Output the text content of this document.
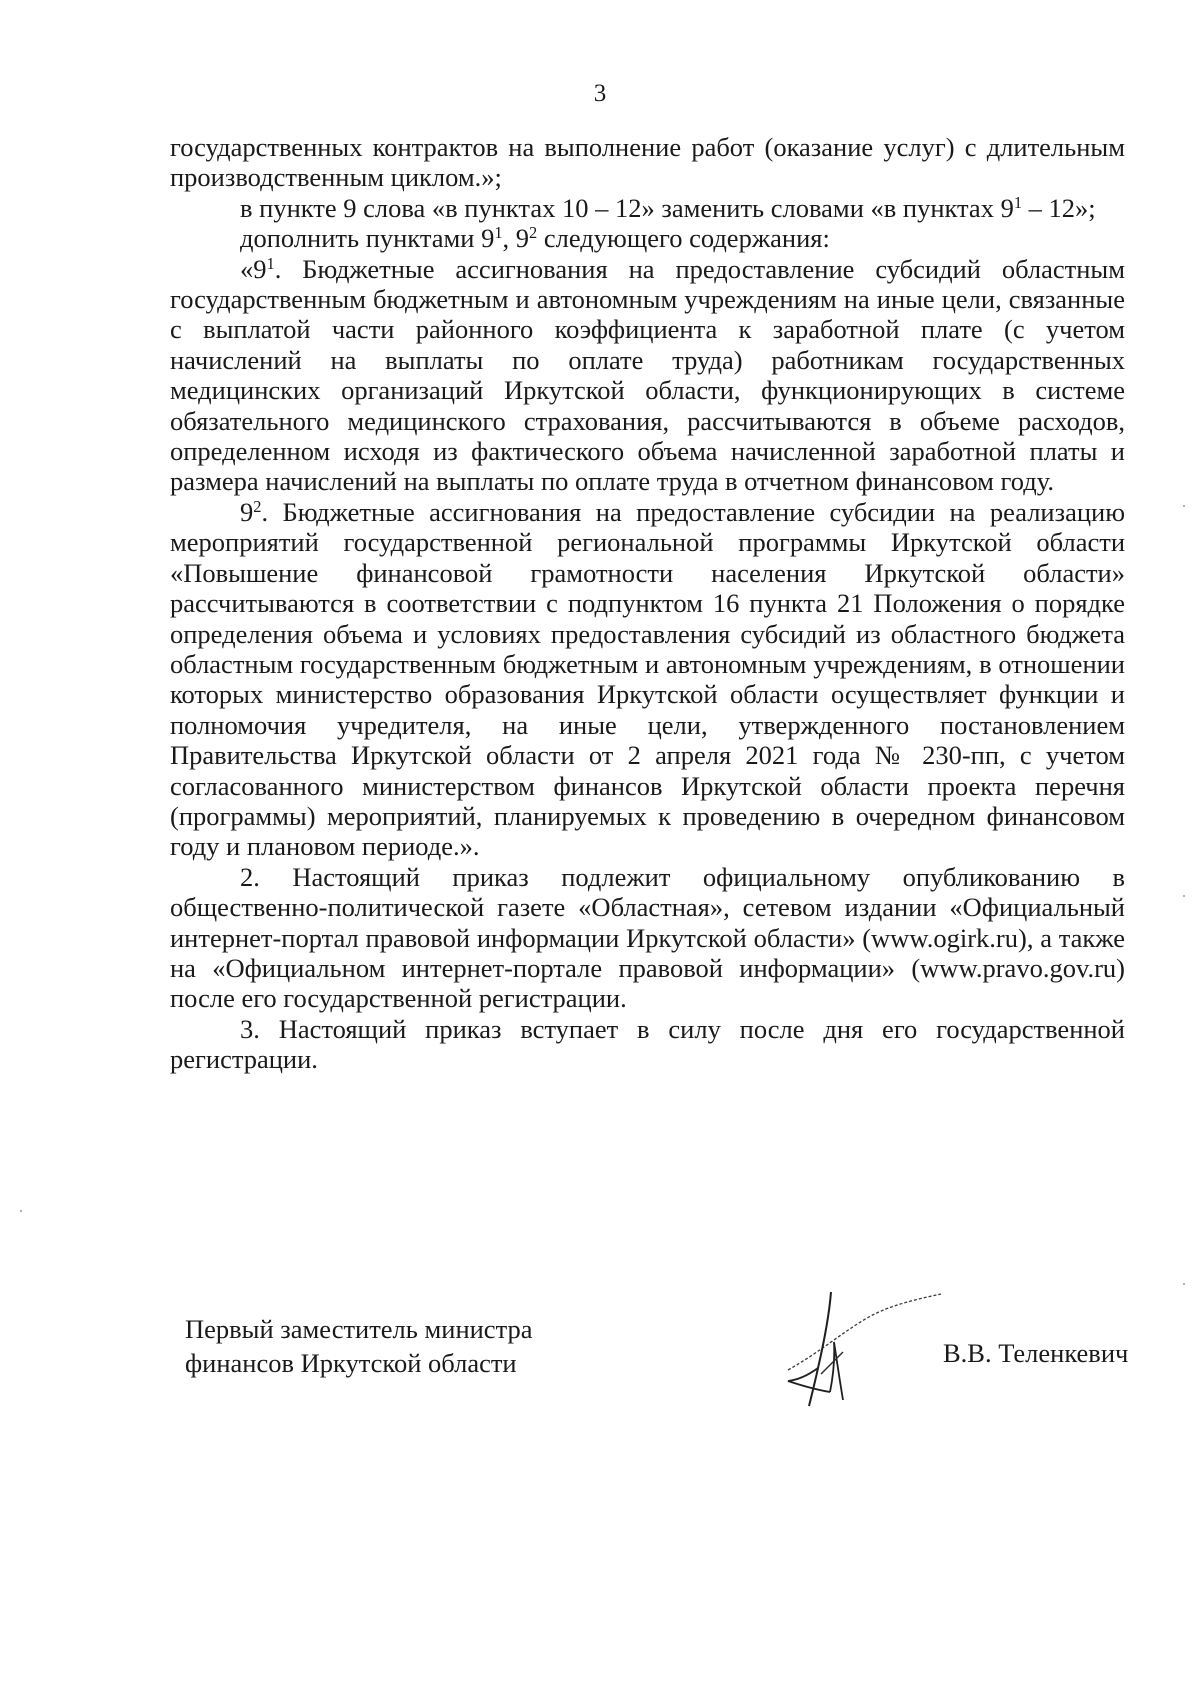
3

государственных контрактов на выполнение работ (оказание услуг) с длительным производственным циклом.»;

в пункте 9 слова «в пунктах 10 – 12» заменить словами «в пунктах $9^1 - 12$»;

дополнить пунктами $9^1$, $9^2$ следующего содержания:

«$9^1$. Бюджетные ассигнования на предоставление субсидий областным государственным бюджетным и автономным учреждениям на иные цели, связанные с выплатой части районного коэффициента к заработной плате (с учетом начислений на выплаты по оплате труда) работникам государственных медицинских организаций Иркутской области, функционирующих в системе обязательного медицинского страхования, рассчитываются в объеме расходов, определенном исходя из фактического объема начисленной заработной платы и размера начислений на выплаты по оплате труда в отчетном финансовом году.

$9^2$. Бюджетные ассигнования на предоставление субсидии на реализацию мероприятий государственной региональной программы Иркутской области «Повышение финансовой грамотности населения Иркутской области» рассчитываются в соответствии с подпунктом 16 пункта 21 Положения о порядке определения объема и условиях предоставления субсидий из областного бюджета областным государственным бюджетным и автономным учреждениям, в отношении которых министерство образования Иркутской области осуществляет функции и полномочия учредителя, на иные цели, утвержденного постановлением Правительства Иркутской области от 2 апреля 2021 года № 230-пп, с учетом согласованного министерством финансов Иркутской области проекта перечня (программы) мероприятий, планируемых к проведению в очередном финансовом году и плановом периоде.».

2. Настоящий приказ подлежит официальному опубликованию в общественно-политической газете «Областная», сетевом издании «Официальный интернет-портал правовой информации Иркутской области» (www.ogirk.ru), а также на «Официальном интернет-портале правовой информации» (www.pravo.gov.ru) после его государственной регистрации.

3. Настоящий приказ вступает в силу после дня его государственной регистрации.

Первый заместитель министра
финансов Иркутской области	В.В. Теленкевич
